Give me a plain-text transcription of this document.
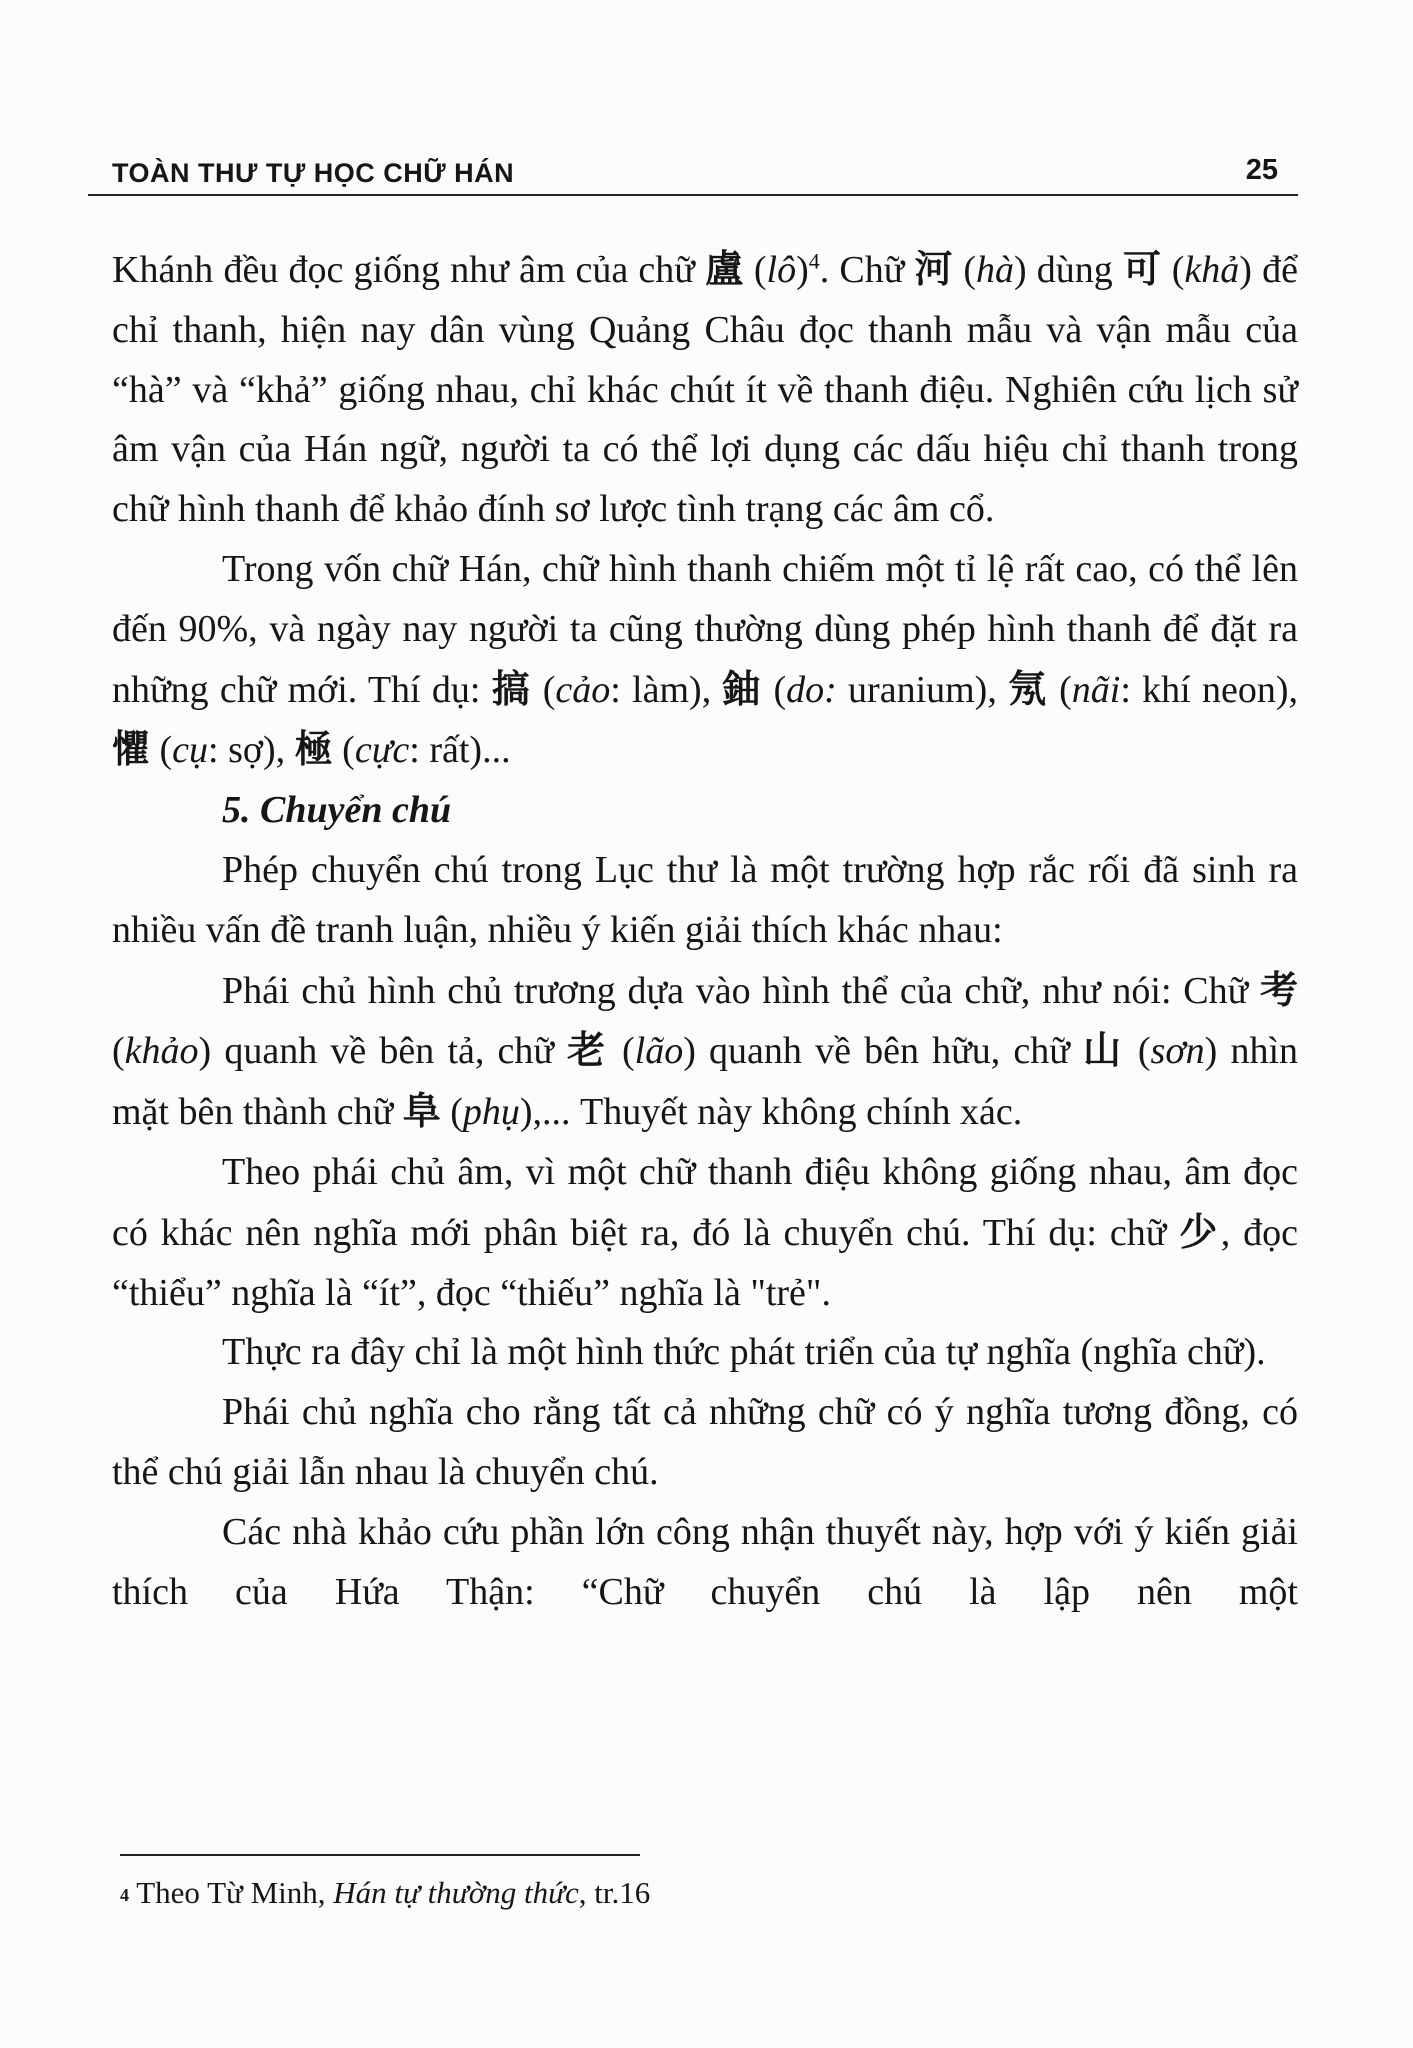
TOÀN THƯ TỰ HỌC CHỮ HÁN	25

Khánh đều đọc giống như âm của chữ 盧 (lô)$^4$. Chữ 河 (hà) dùng 可 (khả) để chỉ thanh, hiện nay dân vùng Quảng Châu đọc thanh mẫu và vận mẫu của “hà” và “khả” giống nhau, chỉ khác chút ít về thanh điệu. Nghiên cứu lịch sử âm vận của Hán ngữ, người ta có thể lợi dụng các dấu hiệu chỉ thanh trong chữ hình thanh để khảo đính sơ lược tình trạng các âm cổ.

Trong vốn chữ Hán, chữ hình thanh chiếm một tỉ lệ rất cao, có thể lên đến 90%, và ngày nay người ta cũng thường dùng phép hình thanh để đặt ra những chữ mới. Thí dụ: 搞 (cảo: làm), 鈾 (do: uranium), 氖 (nãi: khí neon), 懼 (cụ: sợ), 極 (cực: rất)...

5. Chuyển chú

Phép chuyển chú trong Lục thư là một trường hợp rắc rối đã sinh ra nhiều vấn đề tranh luận, nhiều ý kiến giải thích khác nhau:

Phái chủ hình chủ trương dựa vào hình thể của chữ, như nói: Chữ 考 (khảo) quanh về bên tả, chữ 老 (lão) quanh về bên hữu, chữ 山 (sơn) nhìn mặt bên thành chữ 阜 (phụ),... Thuyết này không chính xác.

Theo phái chủ âm, vì một chữ thanh điệu không giống nhau, âm đọc có khác nên nghĩa mới phân biệt ra, đó là chuyển chú. Thí dụ: chữ 少, đọc “thiểu” nghĩa là “ít”, đọc “thiếu” nghĩa là "trẻ".

Thực ra đây chỉ là một hình thức phát triển của tự nghĩa (nghĩa chữ).

Phái chủ nghĩa cho rằng tất cả những chữ có ý nghĩa tương đồng, có thể chú giải lẫn nhau là chuyển chú.

Các nhà khảo cứu phần lớn công nhận thuyết này, hợp với ý kiến giải thích của Hứa Thận: “Chữ chuyển chú là lập nên một

$^4$ Theo Từ Minh, Hán tự thường thức, tr.16
